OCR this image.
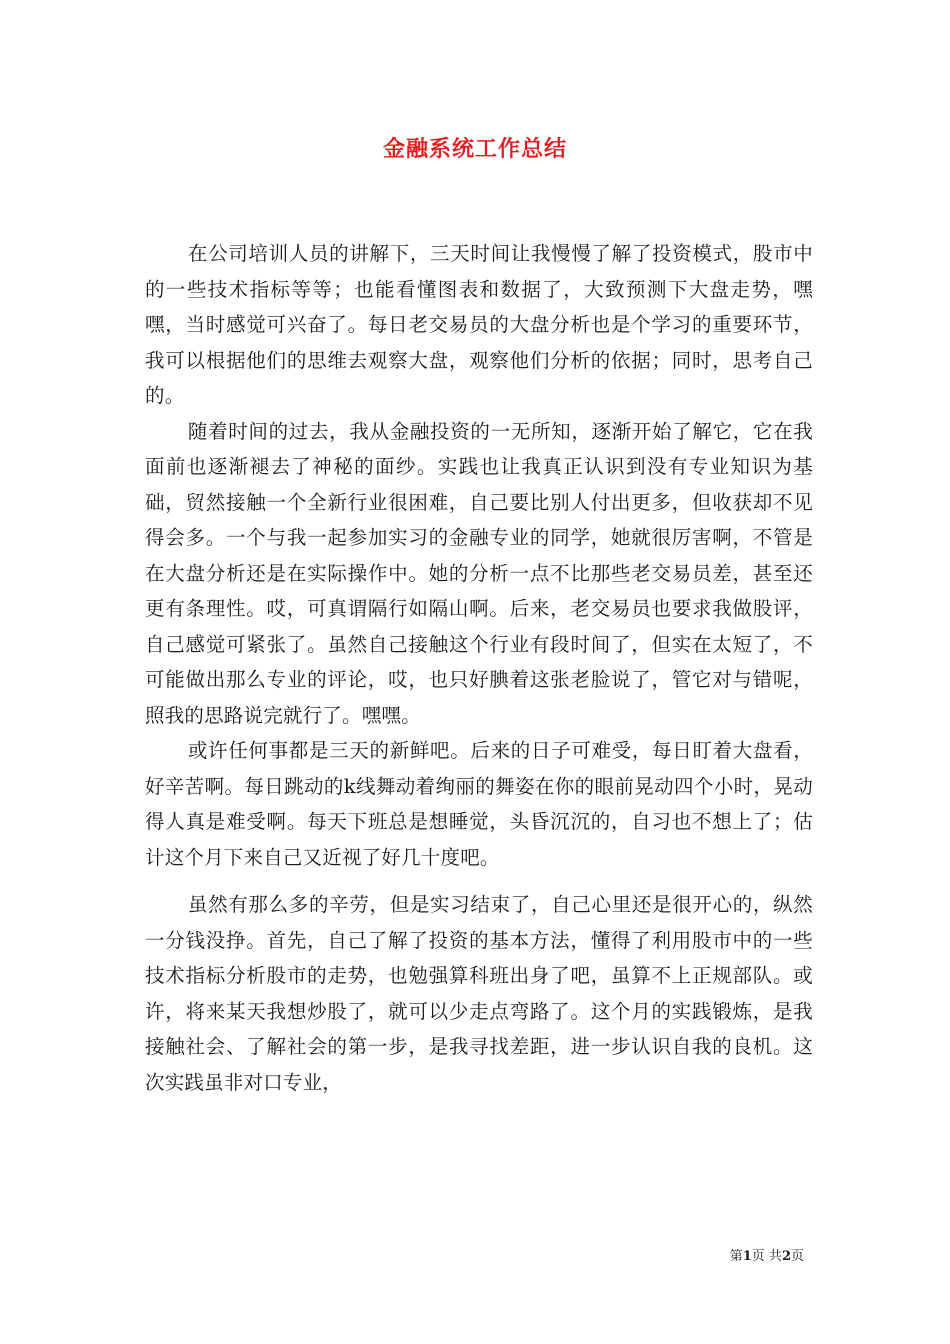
金融系统工作总结

在公司培训人员的讲解下，三天时间让我慢慢了解了投资模式，股市中的一些技术指标等等；也能看懂图表和数据了，大致预测下大盘走势，嘿嘿，当时感觉可兴奋了。每日老交易员的大盘分析也是个学习的重要环节，我可以根据他们的思维去观察大盘，观察他们分析的依据；同时，思考自己的。

随着时间的过去，我从金融投资的一无所知，逐渐开始了解它，它在我面前也逐渐褪去了神秘的面纱。实践也让我真正认识到没有专业知识为基础，贸然接触一个全新行业很困难，自己要比别人付出更多，但收获却不见得会多。一个与我一起参加实习的金融专业的同学，她就很厉害啊，不管是在大盘分析还是在实际操作中。她的分析一点不比那些老交易员差，甚至还更有条理性。哎，可真谓隔行如隔山啊。后来，老交易员也要求我做股评，自己感觉可紧张了。虽然自己接触这个行业有段时间了，但实在太短了，不可能做出那么专业的评论，哎，也只好腆着这张老脸说了，管它对与错呢，照我的思路说完就行了。嘿嘿。

或许任何事都是三天的新鲜吧。后来的日子可难受，每日盯着大盘看，好辛苦啊。每日跳动的k线舞动着绚丽的舞姿在你的眼前晃动四个小时，晃动得人真是难受啊。每天下班总是想睡觉，头昏沉沉的，自习也不想上了；估计这个月下来自己又近视了好几十度吧。

虽然有那么多的辛劳，但是实习结束了，自己心里还是很开心的，纵然一分钱没挣。首先，自己了解了投资的基本方法，懂得了利用股市中的一些技术指标分析股市的走势，也勉强算科班出身了吧，虽算不上正规部队。或许，将来某天我想炒股了，就可以少走点弯路了。这个月的实践锻炼，是我接触社会、了解社会的第一步，是我寻找差距，进一步认识自我的良机。这次实践虽非对口专业，

第1页 共2页
